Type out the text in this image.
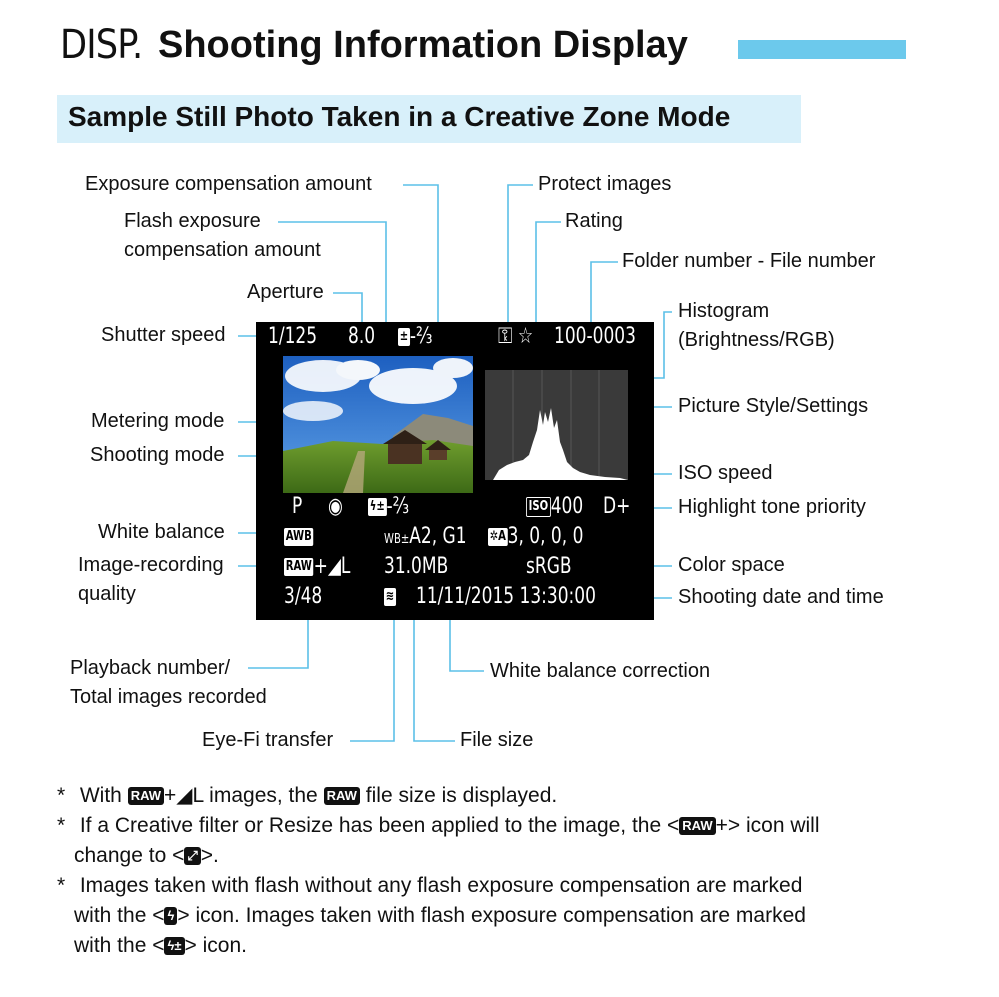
DISP. Shooting Information Display
Sample Still Photo Taken in a Creative Zone Mode
Exposure compensation amount
Flash exposure
compensation amount
Aperture
Shutter speed
Metering mode
Shooting mode
White balance
Image-recording
quality
Playback number/
Total images recorded
Eye-Fi transfer	File size
White balance correction
Protect images
Rating
Folder number - File number
Histogram
(Brightness/RGB)
Picture Style/Settings
ISO speed
Highlight tone priority
Color space
Shooting date and time
1/125 8.0 ±-⅔	⚿ ☆ 100-0003
P ◉ ϟ±-⅔	ISO 400 D+
AWB	WB±A2, G1 ✲A3, 0, 0, 0
RAW+◢L 31.0MB	sRGB
3/48	≋ 11/11/2015 13:30:00
* With RAW +◢L images, the RAW file size is displayed.
* If a Creative filter or Resize has been applied to the image, the < RAW +> icon will
change to < ⤢ >.
* Images taken with flash without any flash exposure compensation are marked
with the < ϟ > icon. Images taken with flash exposure compensation are marked
with the < ϟ± > icon.
